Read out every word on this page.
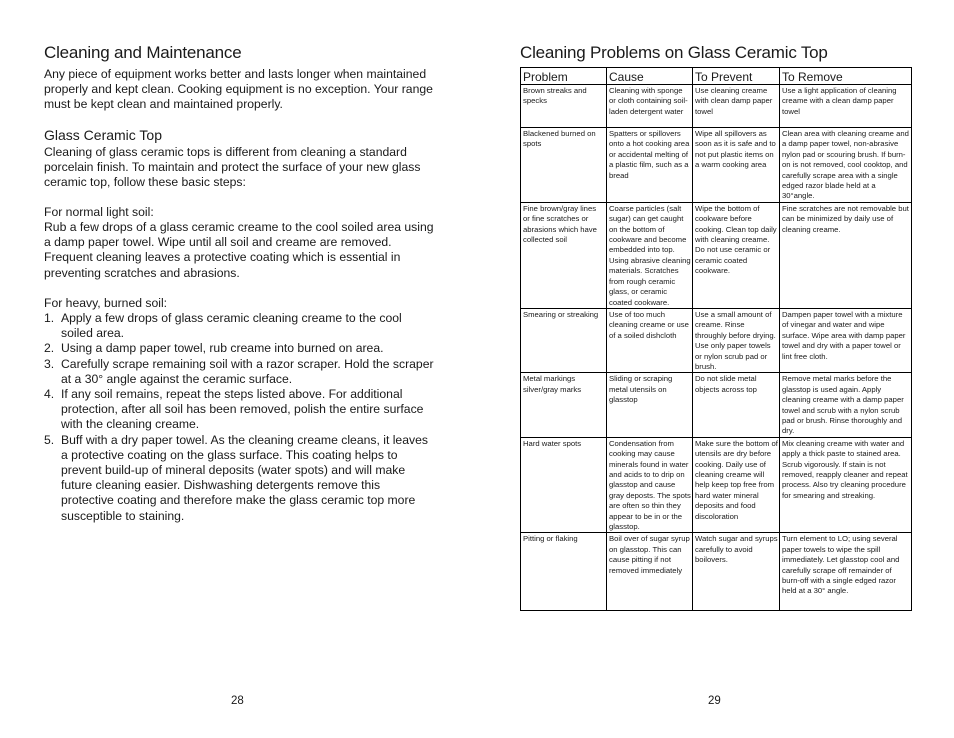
Cleaning and Maintenance

Any piece of equipment works better and lasts longer when maintained properly and kept clean. Cooking equipment is no exception. Your range must be kept clean and maintained properly.

Glass Ceramic Top

Cleaning of glass ceramic tops is different from cleaning a standard porcelain finish. To maintain and protect the surface of your new glass ceramic top, follow these basic steps:

For normal light soil:

Rub a few drops of a glass ceramic creame to the cool soiled area using a damp paper towel. Wipe until all soil and creame are removed. Frequent cleaning leaves a protective coating which is essential in preventing scratches and abrasions.

For heavy, burned soil:

1. Apply a few drops of glass ceramic cleaning creame to the cool soiled area.
2. Using a damp paper towel, rub creame into burned on area.
3. Carefully scrape remaining soil with a razor scraper. Hold the scraper at a 30° angle against the ceramic surface.
4. If any soil remains, repeat the steps listed above. For additional protection, after all soil has been removed, polish the entire surface with the cleaning creame.
5. Buff with a dry paper towel. As the cleaning creame cleans, it leaves a protective coating on the glass surface. This coating helps to prevent build-up of mineral deposits (water spots) and will make future cleaning easier. Dishwashing detergents remove this protective coating and therefore make the glass ceramic top more susceptible to staining.
28
Cleaning Problems on Glass Ceramic Top
Problem	Cause	To Prevent	To Remove
Brown streaks and specks	Cleaning with sponge or cloth containing soil-laden detergent water	Use cleaning creame with clean damp paper towel	Use a light application of cleaning creame with a clean damp paper towel
Blackened burned on spots	Spatters or spillovers onto a hot cooking area or accidental melting of a plastic film, such as a bread	Wipe all spillovers as soon as it is safe and to not put plastic items on a warm cooking area	Clean area with cleaning creame and a damp paper towel, non-abrasive nylon pad or scouring brush. If burn-on is not removed, cool cooktop, and carefully scrape area with a single edged razor blade held at a 30°angle.
Fine brown/gray lines or fine scratches or abrasions which have collected soil	Coarse particles (salt sugar) can get caught on the bottom of cookware and become embedded into top. Using abrasive cleaning materials. Scratches from rough ceramic glass, or ceramic coated cookware.	Wipe the bottom of cookware before cooking. Clean top daily with cleaning creame. Do not use ceramic or ceramic coated cookware.	Fine scratches are not removable but can be minimized by daily use of cleaning creame.
Smearing or streaking	Use of too much cleaning creame or use of a soiled dishcloth	Use a small amount of creame. Rinse throughly before drying. Use only paper towels or nylon scrub pad or brush.	Dampen paper towel with a mixture of vinegar and water and wipe surface. Wipe area with damp paper towel and dry with a paper towel or lint free cloth.
Metal markings silver/gray marks	Sliding or scraping metal utensils on glasstop	Do not slide metal objects across top	Remove metal marks before the glasstop is used again. Apply cleaning creame with a damp paper towel and scrub with a nylon scrub pad or brush. Rinse thoroughly and dry.
Hard water spots	Condensation from cooking may cause minerals found in water and acids to to drip on glasstop and cause gray deposts. The spots are often so thin they appear to be in or the glasstop.	Make sure the bottom of utensils are dry before cooking. Daily use of cleaning creame will help keep top free from hard water mineral deposits and food discoloration	Mix cleaning creame with water and apply a thick paste to stained area. Scrub vigorously. If stain is not removed, reapply cleaner and repeat process. Also try cleaning procedure for smearing and streaking.
Pitting or flaking	Boil over of sugar syrup on glasstop. This can cause pitting if not removed immediately	Watch sugar and syrups carefully to avoid boilovers.	Turn element to LO; using several paper towels to wipe the spill immediately. Let glasstop cool and carefully scrape off remainder of burn-off with a single edged razor held at a 30° angle.
29
